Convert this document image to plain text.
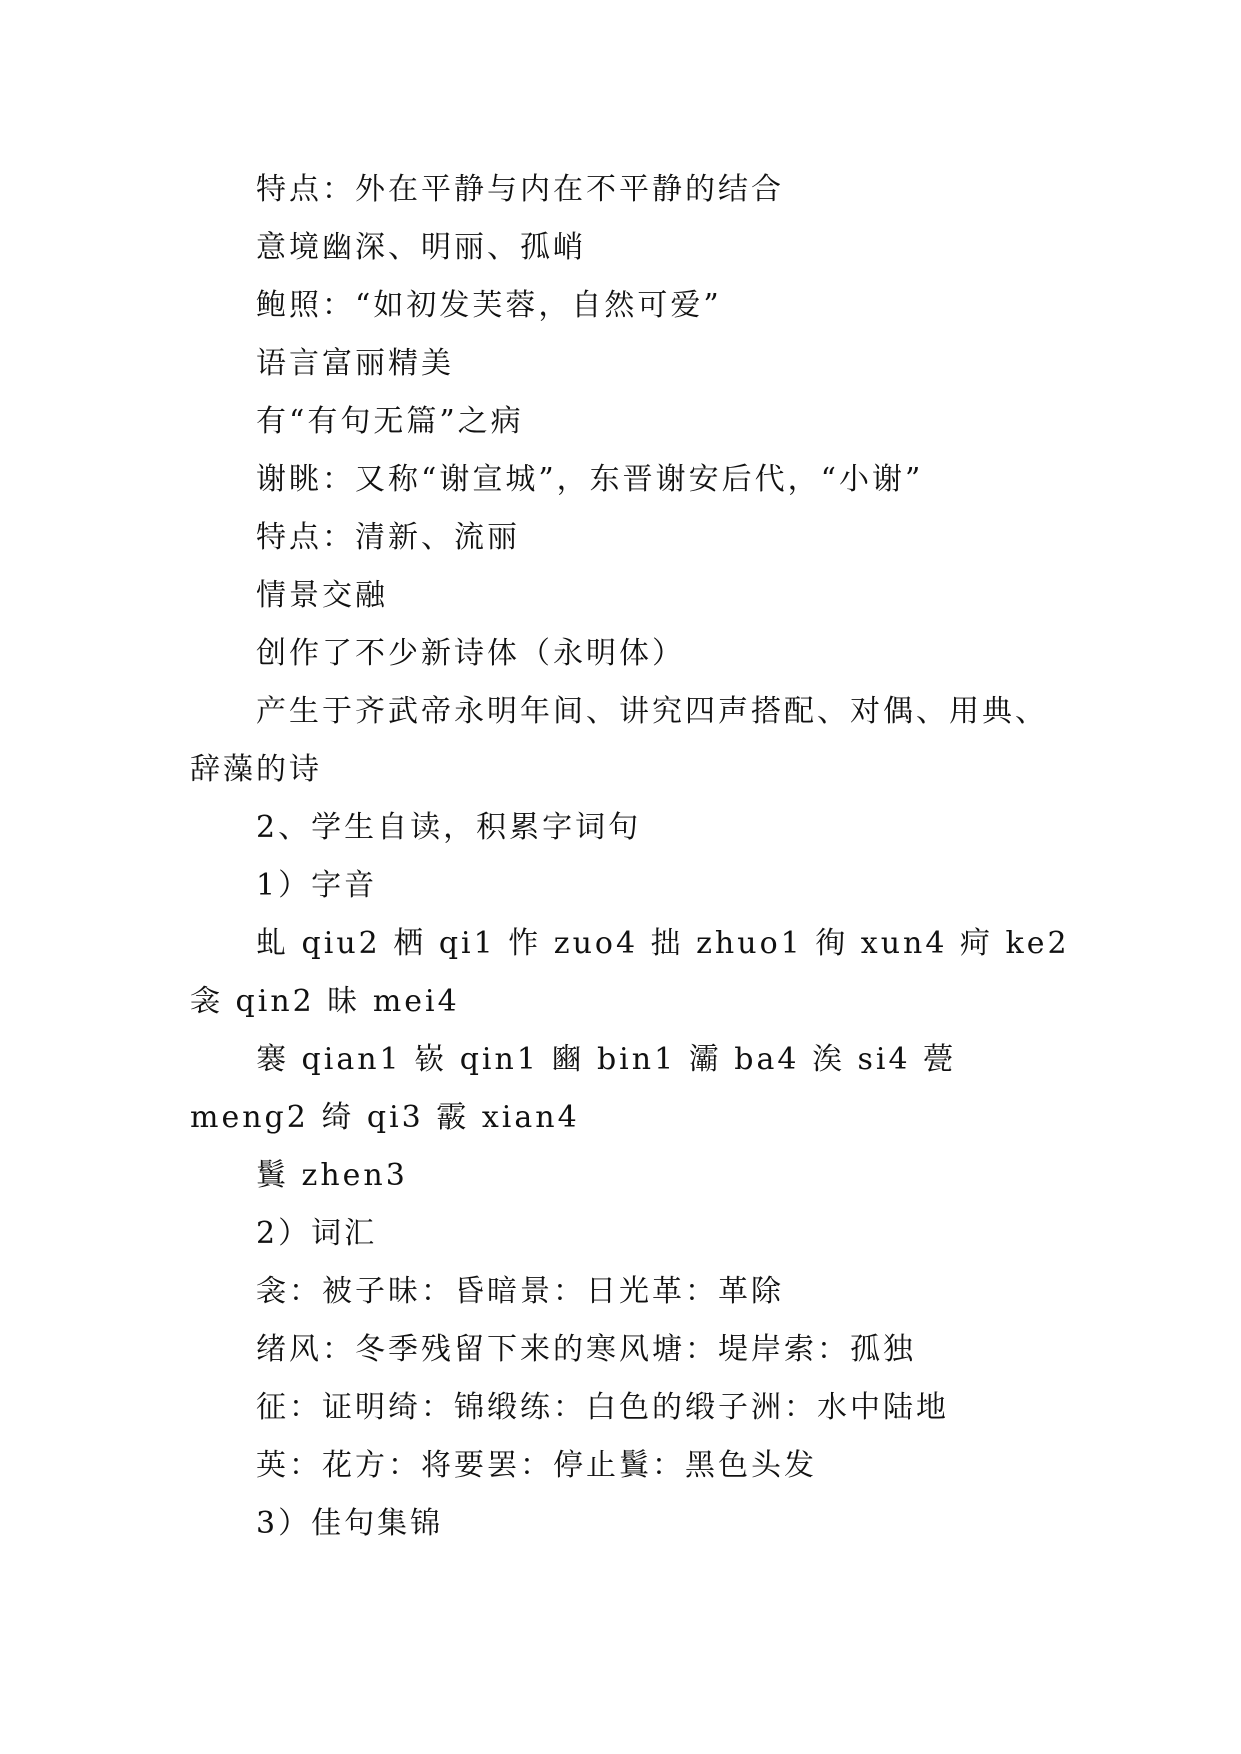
特点：外在平静与内在不平静的结合

意境幽深、明丽、孤峭

鲍照：“如初发芙蓉，自然可爱”

语言富丽精美

有“有句无篇”之病

谢眺：又称“谢宣城”，东晋谢安后代，“小谢”

特点：清新、流丽

情景交融

创作了不少新诗体（永明体）

产生于齐武帝永明年间、讲究四声搭配、对偶、用典、辞藻的诗

2、学生自读，积累字词句

1）字音

虬 qiu2 栖 qi1 怍 zuo4 拙 zhuo1 徇 xun4 疴 ke2 衾 qin2 昧 mei4

褰 qian1 嵚 qin1 豳 bin1 灞 ba4 涘 si4 甍 meng2 绮 qi3 霰 xian4

鬒 zhen3

2）词汇

衾：被子昧：昏暗景：日光革：革除

绪风：冬季残留下来的寒风塘：堤岸索：孤独

征：证明绮：锦缎练：白色的缎子洲：水中陆地

英：花方：将要罢：停止鬒：黑色头发

3）佳句集锦
